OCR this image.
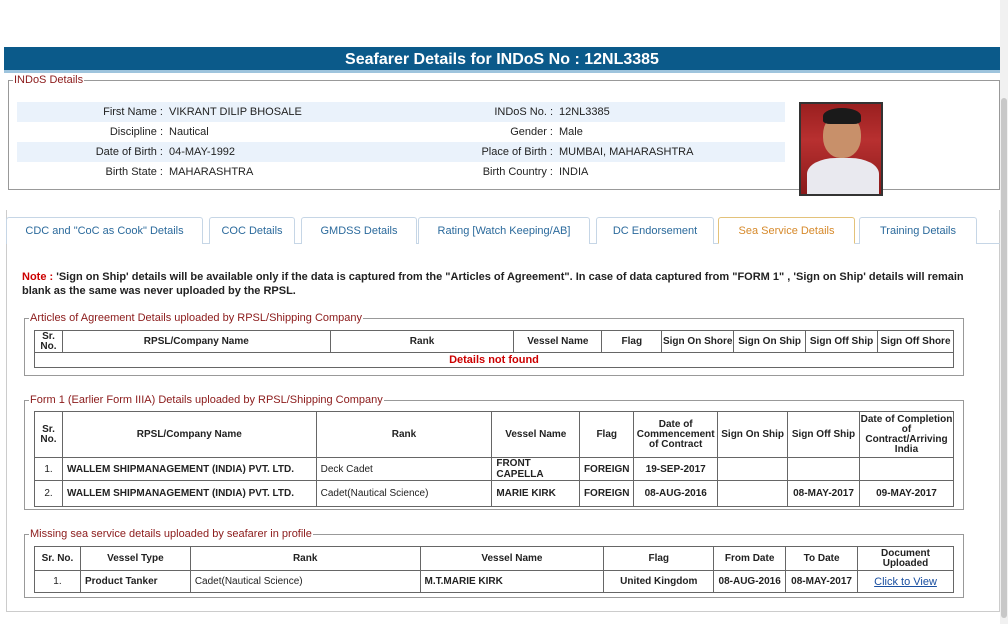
Seafarer Details for INDoS No : 12NL3385
INDoS Details
First Name : VIKRANT DILIP BHOSALE	INDoS No. : 12NL3385
Discipline : Nautical	Gender : Male
Date of Birth : 04-MAY-1992	Place of Birth : MUMBAI, MAHARASHTRA
Birth State : MAHARASHTRA	Birth Country : INDIA
CDC and "CoC as Cook" Details	COC Details	GMDSS Details	Rating [Watch Keeping/AB]	DC Endorsement	Sea Service Details	Training Details
Note : 'Sign on Ship' details will be available only if the data is captured from the "Articles of Agreement". In case of data captured from "FORM 1" , 'Sign on Ship' details will remain blank as the same was never uploaded by the RPSL.
Articles of Agreement Details uploaded by RPSL/Shipping Company
Sr. No.	RPSL/Company Name	Rank	Vessel Name	Flag	Sign On Shore	Sign On Ship	Sign Off Ship	Sign Off Shore
Details not found
Form 1 (Earlier Form IIIA) Details uploaded by RPSL/Shipping Company
Sr. No.	RPSL/Company Name	Rank	Vessel Name	Flag	Date of Commencement of Contract	Sign On Ship	Sign Off Ship	Date of Completion of Contract/Arriving India
1.	WALLEM SHIPMANAGEMENT (INDIA) PVT. LTD.	Deck Cadet	FRONT CAPELLA	FOREIGN	19-SEP-2017			
2.	WALLEM SHIPMANAGEMENT (INDIA) PVT. LTD.	Cadet(Nautical Science)	MARIE KIRK	FOREIGN	08-AUG-2016		08-MAY-2017	09-MAY-2017
Missing sea service details uploaded by seafarer in profile
Sr. No.	Vessel Type	Rank	Vessel Name	Flag	From Date	To Date	Document Uploaded
1.	Product Tanker	Cadet(Nautical Science)	M.T.MARIE KIRK	United Kingdom	08-AUG-2016	08-MAY-2017	Click to View
